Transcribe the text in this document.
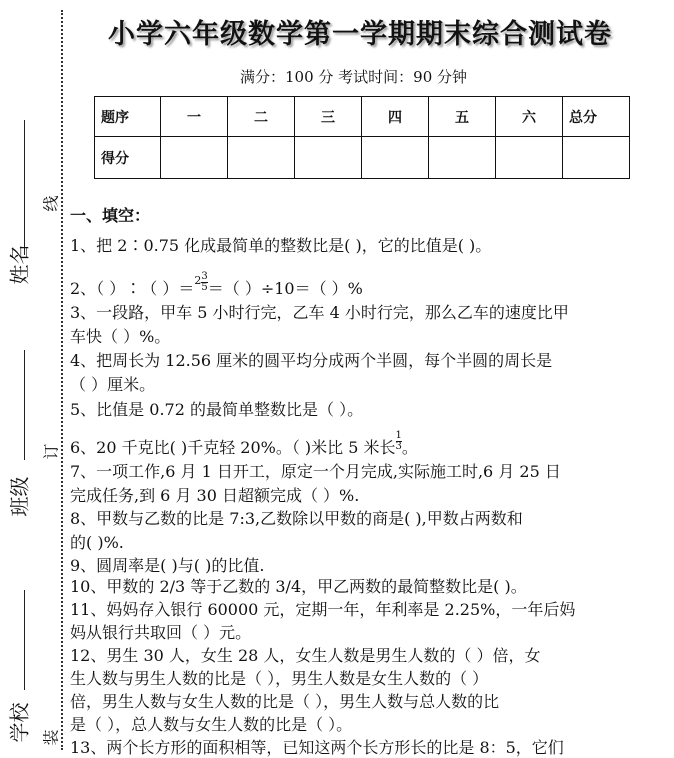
姓名
班级
学校
线
订
装
小学六年级数学第一学期期末综合测试卷
满分：100 分 考试时间：90 分钟
题序	一	二	三	四	五	六	总分
得分							
一、填空：
1、把 2∶0.75 化成最简单的整数比是( )，它的比值是( )。
2、（ ）∶（ ）$=^2 \frac{3}{5}$ ＝（ ）÷10＝（ ）%
3、一段路，甲车 5 小时行完，乙车 4 小时行完，那么乙车的速度比甲
车快（ ）%。
4、把周长为 12.56 厘米的圆平均分成两个半圆，每个半圆的周长是
（ ）厘米。
5、比值是 0.72 的最简单整数比是（ ）。
6、20 千克比( )千克轻 20%。（ )米比 5 米长 $\frac{1}{3}$ 。
7、一项工作,6 月 1 日开工，原定一个月完成,实际施工时,6 月 25 日
完成任务,到 6 月 30 日超额完成（ ）%.
8、甲数与乙数的比是 7:3,乙数除以甲数的商是( ),甲数占两数和
的( )%.
9、圆周率是( )与( )的比值.
10、甲数的 2/3 等于乙数的 3/4，甲乙两数的最简整数比是( )。
11、妈妈存入银行 60000 元，定期一年，年利率是 2.25%，一年后妈
妈从银行共取回（ ）元。
12、男生 30 人，女生 28 人，女生人数是男生人数的（ ）倍，女
生人数与男生人数的比是（ ），男生人数是女生人数的（ ）
倍，男生人数与女生人数的比是（ ），男生人数与总人数的比
是（ ），总人数与女生人数的比是（ ）。
13、两个长方形的面积相等，已知这两个长方形长的比是 8：5，它们
